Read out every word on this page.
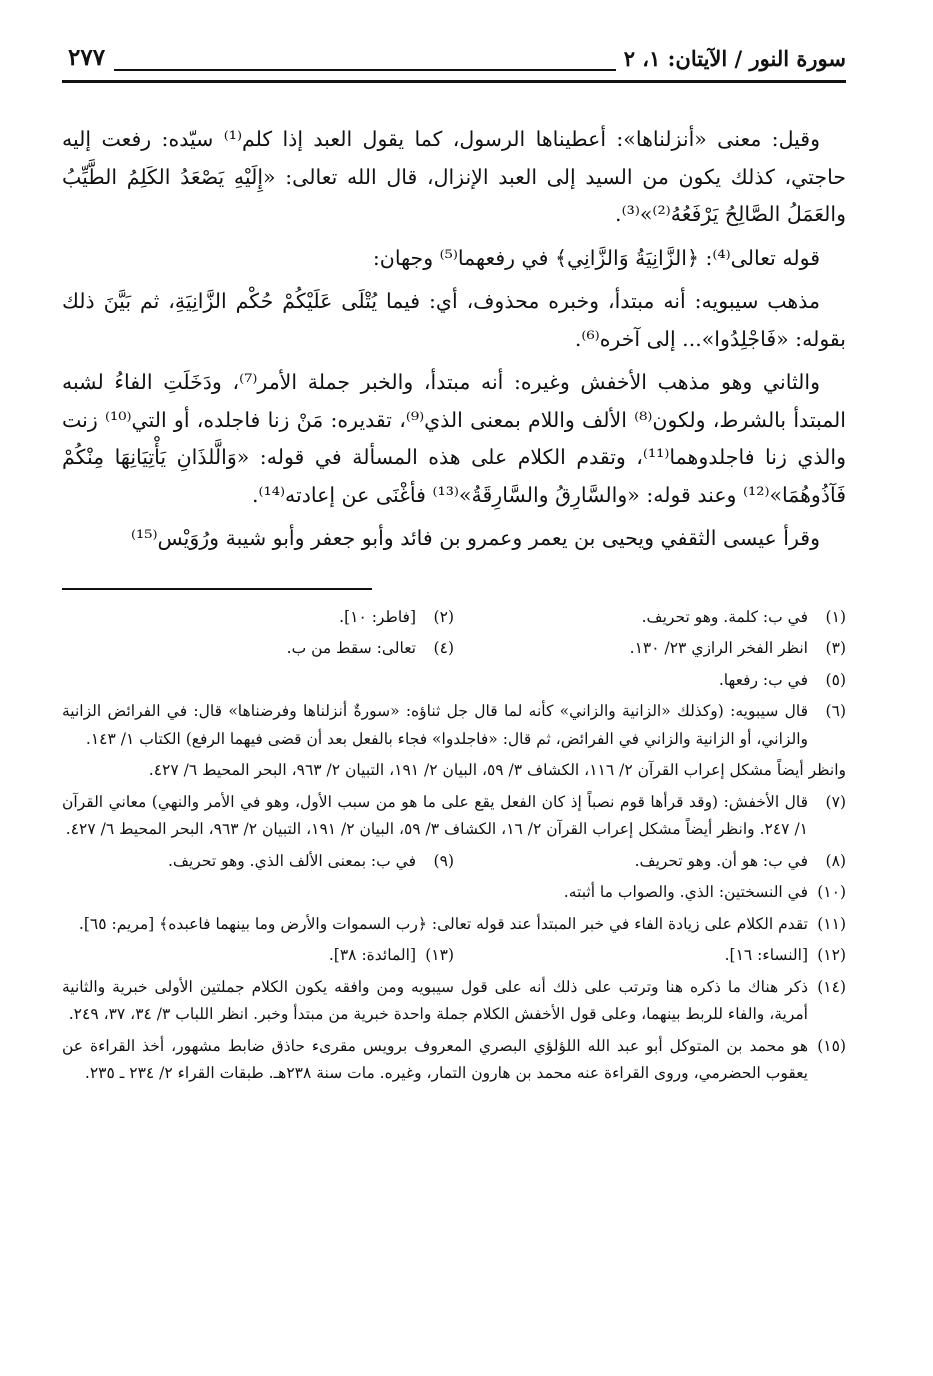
سورة النور / الآيتان: ١، ٢
٢٧٧

وقيل: معنى «أنزلناها»: أعطيناها الرسول، كما يقول العبد إذا كلم⁽¹⁾ سيّده: رفعت إليه حاجتي، كذلك يكون من السيد إلى العبد الإنزال، قال الله تعالى: «إِلَيْهِ يَصْعَدُ الكَلِمُ الطَّيِّبُ والعَمَلُ الصَّالِحُ يَرْفَعُهُ⁽²⁾»⁽³⁾.

قوله تعالى⁽⁴⁾: ﴿الزَّانِيَةُ وَالزَّانِي﴾ في رفعهما⁽⁵⁾ وجهان:

مذهب سيبويه: أنه مبتدأ، وخبره محذوف، أي: فيما يُتْلَى عَلَيْكُمْ حُكْم الزَّانِيَةِ، ثم بَيَّنَ ذلك بقوله: «فَاجْلِدُوا»... إلى آخره⁽⁶⁾.

والثاني وهو مذهب الأخفش وغيره: أنه مبتدأ، والخبر جملة الأمر⁽⁷⁾، ودَخَلَتِ الفاءُ لشبه المبتدأ بالشرط، ولكون⁽⁸⁾ الألف واللام بمعنى الذي⁽⁹⁾، تقديره: مَنْ زنا فاجلده، أو التي⁽¹⁰⁾ زنت والذي زنا فاجلدوهما⁽¹¹⁾، وتقدم الكلام على هذه المسألة في قوله: «وَالَّلذَانِ يَأْتِيَانِهَا مِنْكُمْ فَآذُوهُمَا»⁽¹²⁾ وعند قوله: «والسَّارِقُ والسَّارِقَةُ»⁽¹³⁾ فأغْنَى عن إعادته⁽¹⁴⁾.

وقرأ عيسى الثقفي ويحيى بن يعمر وعمرو بن فائد وأبو جعفر وأبو شيبة ورُوَيْس⁽¹⁵⁾

(١)
في ب: كلمة. وهو تحريف.
(٢)
[فاطر: ١٠].
(٣)
انظر الفخر الرازي ٢٣/ ١٣٠.
(٤)
تعالى: سقط من ب.
(٥)
في ب: رفعها.
(٦)
قال سيبويه: (وكذلك «الزانية والزاني» كأنه لما قال جل ثناؤه: «سورةٌ أنزلناها وفرضناها» قال: في الفرائض الزانية والزاني، أو الزانية والزاني في الفرائض، ثم قال: «فاجلدوا» فجاء بالفعل بعد أن قضى فيهما الرفع) الكتاب ١/ ١٤٣.
وانظر أيضاً مشكل إعراب القرآن ٢/ ١١٦، الكشاف ٣/ ٥٩، البيان ٢/ ١٩١، التبيان ٢/ ٩٦٣، البحر المحيط ٦/ ٤٢٧.
(٧)
قال الأخفش: (وقد قرأها قوم نصباً إذ كان الفعل يقع على ما هو من سبب الأول، وهو في الأمر والنهي) معاني القرآن ١/ ٢٤٧. وانظر أيضاً مشكل إعراب القرآن ٢/ ١٦، الكشاف ٣/ ٥٩، البيان ٢/ ١٩١، التبيان ٢/ ٩٦٣، البحر المحيط ٦/ ٤٢٧.
(٨)
في ب: هو أن. وهو تحريف.
(٩)
في ب: بمعنى الألف الذي. وهو تحريف.
(١٠)
في النسختين: الذي. والصواب ما أثبته.
(١١)
تقدم الكلام على زيادة الفاء في خبر المبتدأ عند قوله تعالى: ﴿رب السموات والأرض وما بينهما فاعبده﴾ [مريم: ٦٥].
(١٢)
[النساء: ١٦].
(١٣)
[المائدة: ٣٨].
(١٤)
ذكر هناك ما ذكره هنا وترتب على ذلك أنه على قول سيبويه ومن وافقه يكون الكلام جملتين الأولى خبرية والثانية أمرية، والفاء للربط بينهما، وعلى قول الأخفش الكلام جملة واحدة خبرية من مبتدأ وخبر. انظر اللباب ٣/ ٣٤، ٣٧، ٢٤٩.
(١٥)
هو محمد بن المتوكل أبو عبد الله اللؤلؤي البصري المعروف برويس مقرىء حاذق ضابط مشهور، أخذ القراءة عن يعقوب الحضرمي، وروى القراءة عنه محمد بن هارون التمار، وغيره. مات سنة ٢٣٨هـ. طبقات القراء ٢/ ٢٣٤ ـ ٢٣٥.
